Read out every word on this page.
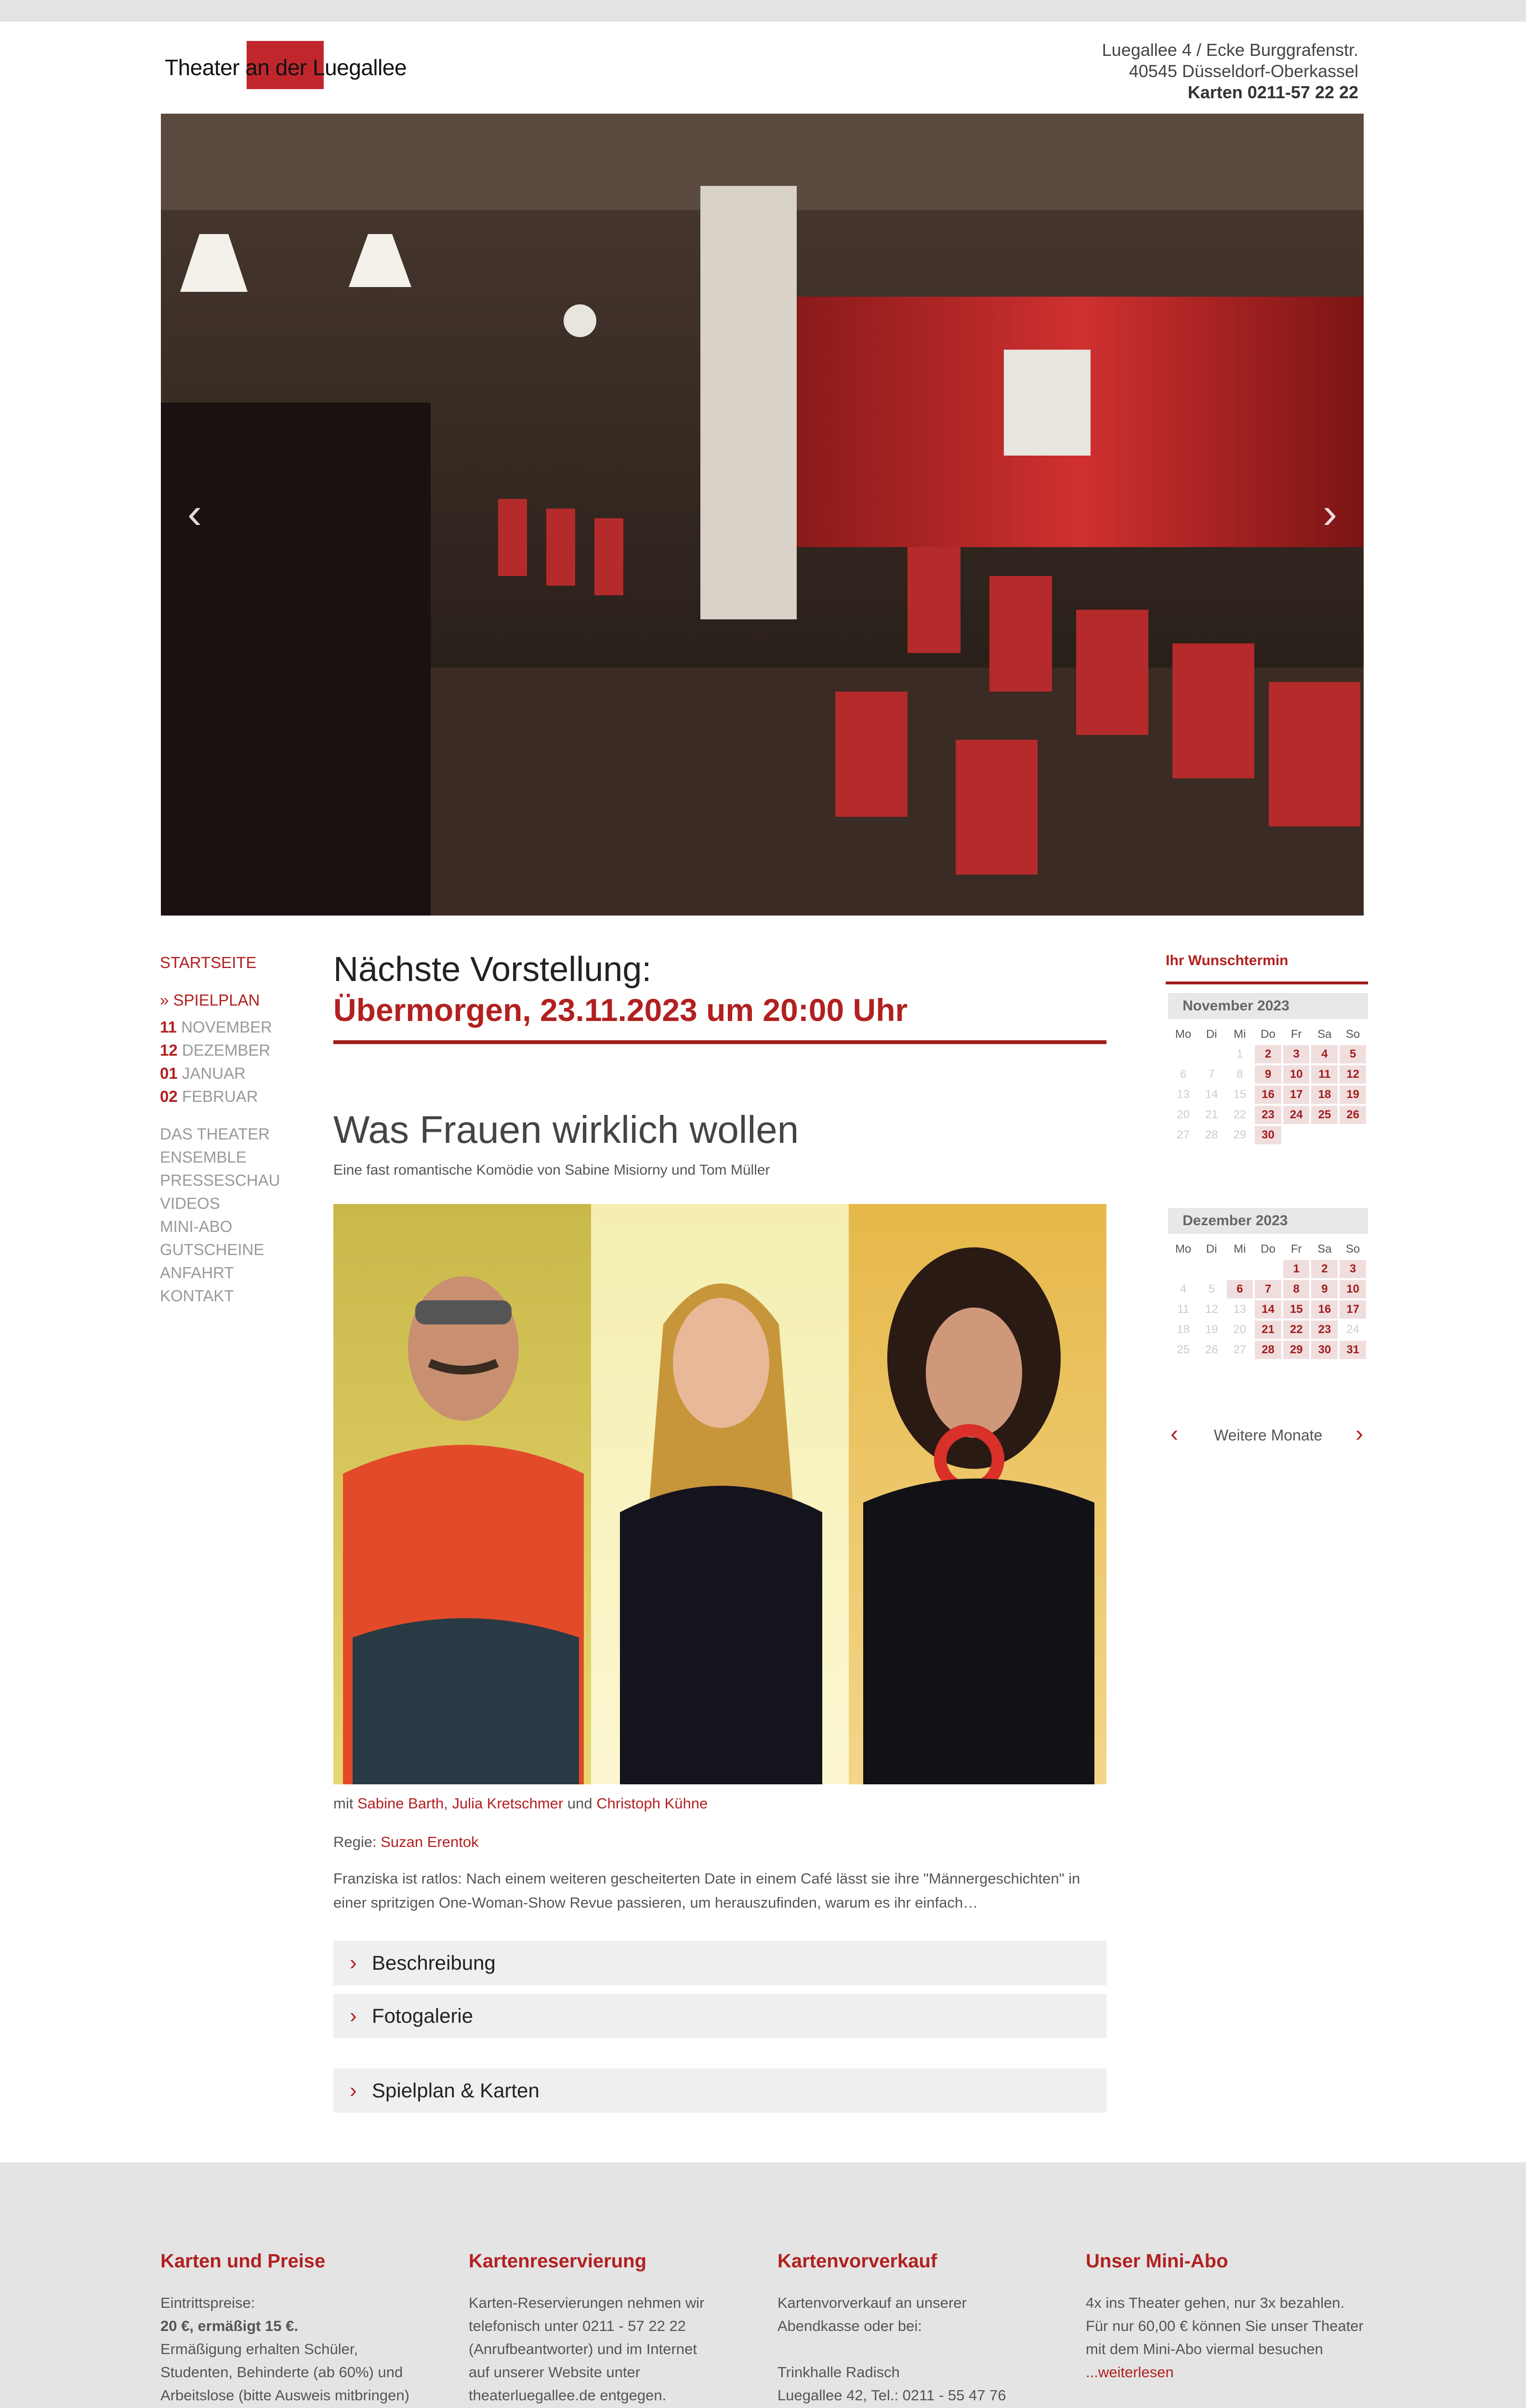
Theater an der Luegallee
Luegallee 4 / Ecke Burggrafenstr.
40545 Düsseldorf-Oberkassel
Karten 0211-57 22 22
‹	›
STARTSEITE
» SPIELPLAN
11 NOVEMBER
12 DEZEMBER
01 JANUAR
02 FEBRUAR
DAS THEATER
ENSEMBLE
PRESSESCHAU
VIDEOS
MINI-ABO
GUTSCHEINE
ANFAHRT
KONTAKT
Nächste Vorstellung:
Übermorgen, 23.11.2023 um 20:00 Uhr
Was Frauen wirklich wollen
Eine fast romantische Komödie von Sabine Misiorny und Tom Müller
mit Sabine Barth, Julia Kretschmer und Christoph Kühne
Regie: Suzan Erentok
Franziska ist ratlos: Nach einem weiteren gescheiterten Date in einem Café lässt sie ihre "Männergeschichten" in einer spritzigen One-Woman-Show Revue passieren, um herauszufinden, warum es ihr einfach…
› Beschreibung
› Fotogalerie
› Spielplan & Karten
Ihr Wunschtermin
November 2023
Mo	Di	Mi	Do	Fr	Sa	So
		1	2	3	4	5
6	7	8	9	10	11	12
13	14	15	16	17	18	19
20	21	22	23	24	25	26
27	28	29	30			
Dezember 2023
Mo	Di	Mi	Do	Fr	Sa	So
				1	2	3
4	5	6	7	8	9	10
11	12	13	14	15	16	17
18	19	20	21	22	23	24
25	26	27	28	29	30	31
‹ Weitere Monate ›
Karten und Preise
Eintrittspreise:
20 €, ermäßigt 15 €.
Ermäßigung erhalten Schüler, Studenten, Behinderte (ab 60%) und Arbeitslose (bitte Ausweis mitbringen)
Kartenreservierung
Karten-Reservierungen nehmen wir telefonisch unter 0211 - 57 22 22 (Anrufbeantworter) und im Internet auf unserer Website unter theaterluegallee.de entgegen.
Kartenvorverkauf
Kartenvorverkauf an unserer Abendkasse oder bei:
Trinkhalle Radisch
Luegallee 42, Tel.: 0211 - 55 47 76
Unser Mini-Abo
4x ins Theater gehen, nur 3x bezahlen. Für nur 60,00 € können Sie unser Theater mit dem Mini-Abo viermal besuchen
...weiterlesen
